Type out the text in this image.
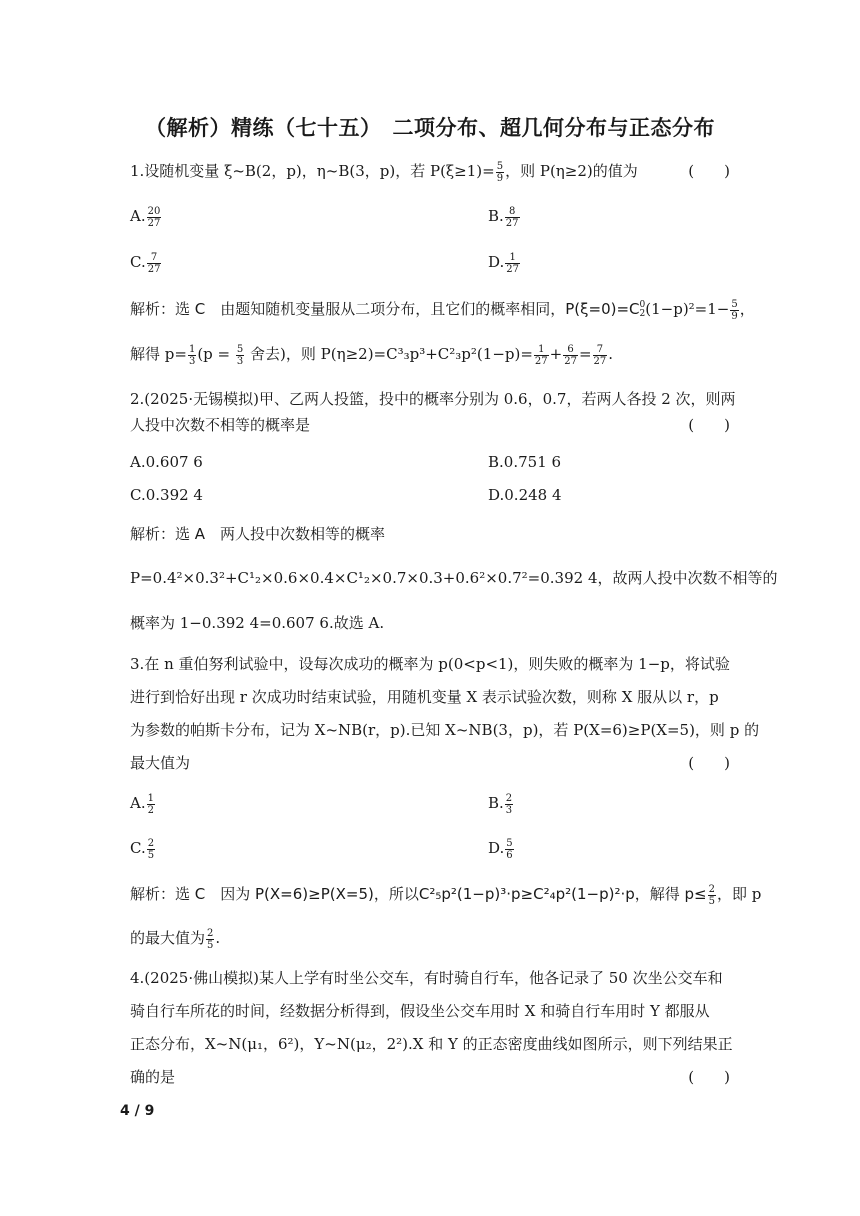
（解析）精练（七十五）　二项分布、超几何分布与正态分布
1.设随机变量 ξ~B(2，p)，η~B(3，p)，若 $P(\xi\ge 1)= \frac{5}{9}$ ，则 P(η≥2)的值为	(　　)
A. $\frac{20}{27}$	B. $\frac{8}{27}$
C. $\frac{7}{27}$	D. $\frac{1}{27}$
解析：选 C　由题知随机变量服从二项分布，且它们的概率相同，P(ξ=0)=C 0
2 $(1-p)^2=1- \frac{5}{9}$ ，
解得 $p= \frac{1}{3} (p = \frac{5}{3}$ 舍去)，则 $P(\eta\ge 2)=C^3_3p^3+C^2_3p^2(1-p)= \frac{1}{27} + \frac{6}{27} = \frac{7}{27}$ .
2.(2025·无锡模拟)甲、乙两人投篮，投中的概率分别为 0.6，0.7，若两人各投 2 次，则两
人投中次数不相等的概率是	(　　)
A.0.607 6	B.0.751 6
C.0.392 4	D.0.248 4
解析：选 A　两人投中次数相等的概率
P=0.4²×0.3²+C¹₂×0.6×0.4×C¹₂×0.7×0.3+0.6²×0.7²=0.392 4，故两人投中次数不相等的
概率为 1−0.392 4=0.607 6.故选 A.
3.在 n 重伯努利试验中，设每次成功的概率为 p(0<p<1)，则失败的概率为 1−p，将试验
进行到恰好出现 r 次成功时结束试验，用随机变量 X 表示试验次数，则称 X 服从以 r，p
为参数的帕斯卡分布，记为 X~NB(r，p).已知 X~NB(3，p)，若 P(X=6)≥P(X=5)，则 p 的
最大值为	(　　)
A. $\frac{1}{2}$	B. $\frac{2}{3}$
C. $\frac{2}{5}$	D. $\frac{5}{6}$
解析：选 C　因为 P(X=6)≥P(X=5)，所以C²₅p²(1−p)³·p≥C²₄p²(1−p)²·p，解得 $p\le \frac{2}{5}$ ，即 p
的最大值为 $\frac{2}{5}$ .
4.(2025·佛山模拟)某人上学有时坐公交车，有时骑自行车，他各记录了 50 次坐公交车和
骑自行车所花的时间，经数据分析得到，假设坐公交车用时 X 和骑自行车用时 Y 都服从
正态分布，X~N(μ₁，6²)，Y~N(μ₂，2²).X 和 Y 的正态密度曲线如图所示，则下列结果正
确的是	(　　)
4 / 9
